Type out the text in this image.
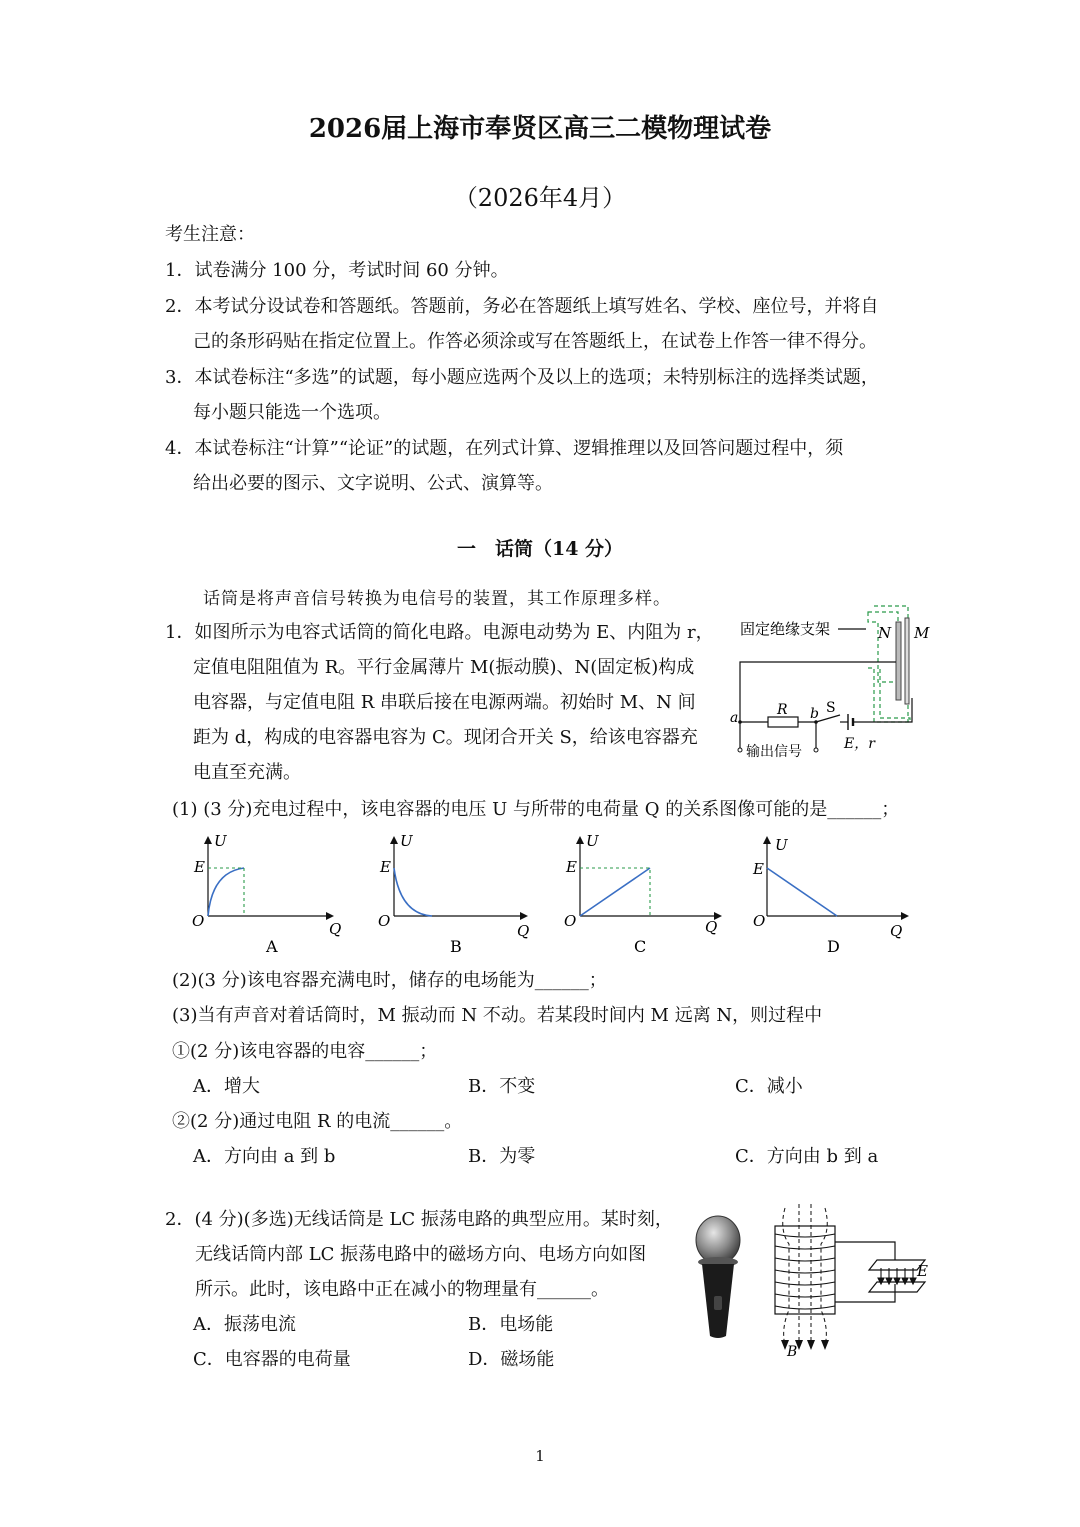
2026届上海市奉贤区高三二模物理试卷
（2026年4月）
考生注意：
1．试卷满分 100 分，考试时间 60 分钟。
2．本考试分设试卷和答题纸。答题前，务必在答题纸上填写姓名、学校、座位号，并将自
己的条形码贴在指定位置上。作答必须涂或写在答题纸上，在试卷上作答一律不得分。
3．本试卷标注“多选”的试题，每小题应选两个及以上的选项；未特别标注的选择类试题，
每小题只能选一个选项。
4．本试卷标注“计算”“论证”的试题，在列式计算、逻辑推理以及回答问题过程中，须
给出必要的图示、文字说明、公式、演算等。
一　话筒（14 分）
话筒是将声音信号转换为电信号的装置，其工作原理多样。
1．如图所示为电容式话筒的简化电路。电源电动势为 E、内阻为 r，
定值电阻阻值为 R。平行金属薄片 M(振动膜)、N(固定板)构成
电容器，与定值电阻 R 串联后接在电源两端。初始时 M、N 间
距为 d，构成的电容器电容为 C。现闭合开关 S，给该电容器充
电直至充满。
固定绝缘支架	N M
a	R b S
E，r
输出信号
(1) (3 分)充电过程中，该电容器的电压 U 与所带的电荷量 Q 的关系图像可能的是______；
U
E
O	Q
A
U
E
O
Q
B
U
E
O	Q
C
U
E
O
Q
D
(2)(3 分)该电容器充满电时，储存的电场能为______；
(3)当有声音对着话筒时，M 振动而 N 不动。若某段时间内 M 远离 N，则过程中
①(2 分)该电容器的电容______；
A．增大	B．不变	C．减小
②(2 分)通过电阻 R 的电流______。
A．方向由 a 到 b	B．为零	C．方向由 b 到 a
2．(4 分)(多选)无线话筒是 LC 振荡电路的典型应用。某时刻，
无线话筒内部 LC 振荡电路中的磁场方向、电场方向如图
所示。此时，该电路中正在减小的物理量有______。
A．振荡电流	B．电场能
C．电容器的电荷量	D．磁场能
E
B
1
